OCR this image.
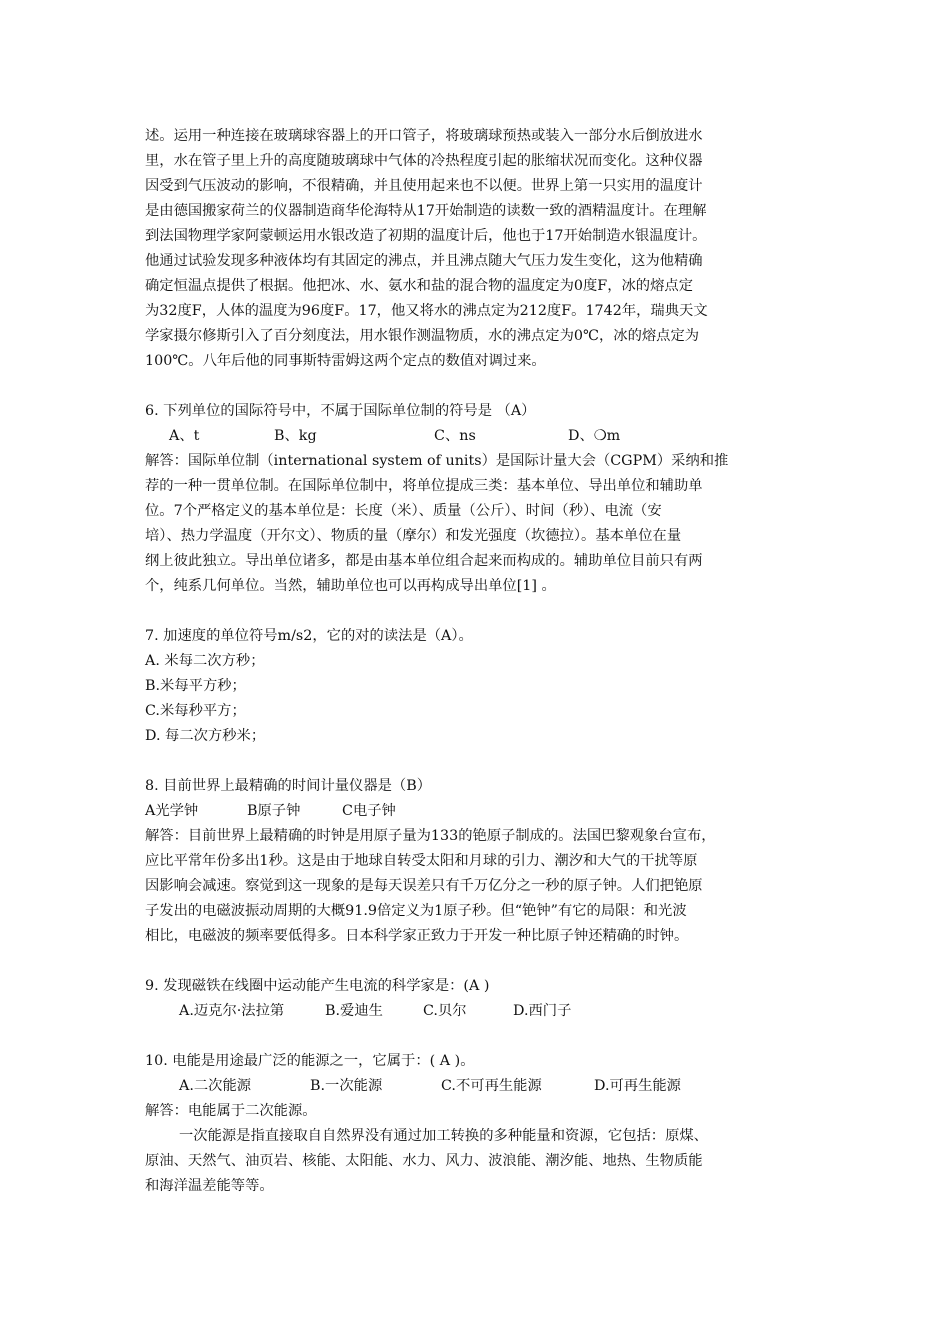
述。运用一种连接在玻璃球容器上的开口管子，将玻璃球预热或装入一部分水后倒放进水

里，水在管子里上升的高度随玻璃球中气体的冷热程度引起的胀缩状况而变化。这种仪器

因受到气压波动的影响，不很精确，并且使用起来也不以便。世界上第一只实用的温度计

是由德国搬家荷兰的仪器制造商华伦海特从17开始制造的读数一致的酒精温度计。在理解

到法国物理学家阿蒙顿运用水银改造了初期的温度计后，他也于17开始制造水银温度计。

他通过试验发现多种液体均有其固定的沸点，并且沸点随大气压力发生变化，这为他精确

确定恒温点提供了根据。他把冰、水、氨水和盐的混合物的温度定为0度F，冰的熔点定

为32度F，人体的温度为96度F。17，他又将水的沸点定为212度F。1742年，瑞典天文

学家摄尔修斯引入了百分刻度法，用水银作测温物质，水的沸点定为0℃，冰的熔点定为

100℃。八年后他的同事斯特雷姆这两个定点的数值对调过来。

6. 下列单位的国际符号中，不属于国际单位制的符号是 （A）

A、t	B、kg	C、ns	D、❍m

解答：国际单位制（international system of units）是国际计量大会（CGPM）采纳和推

荐的一种一贯单位制。在国际单位制中，将单位提成三类：基本单位、导出单位和辅助单

位。7个严格定义的基本单位是：长度（米）、质量（公斤）、时间（秒）、电流（安

培）、热力学温度（开尔文）、物质的量（摩尔）和发光强度（坎德拉）。基本单位在量

纲上彼此独立。导出单位诸多，都是由基本单位组合起来而构成的。辅助单位目前只有两

个，纯系几何单位。当然，辅助单位也可以再构成导出单位[1] 。

7. 加速度的单位符号m/s2，它的对的读法是（A）。

A. 米每二次方秒；

B.米每平方秒；

C.米每秒平方；

D. 每二次方秒米；

8. 目前世界上最精确的时间计量仪器是（B）

A光学钟	B原子钟	C电子钟

解答：目前世界上最精确的时钟是用原子量为133的铯原子制成的。法国巴黎观象台宣布，

应比平常年份多出1秒。这是由于地球自转受太阳和月球的引力、潮汐和大气的干扰等原

因影响会减速。察觉到这一现象的是每天误差只有千万亿分之一秒的原子钟。人们把铯原

子发出的电磁波振动周期的大概91.9倍定义为1原子秒。但“铯钟”有它的局限：和光波

相比，电磁波的频率要低得多。日本科学家正致力于开发一种比原子钟还精确的时钟。

9. 发现磁铁在线圈中运动能产生电流的科学家是：(A )

A.迈克尔·法拉第	B.爱迪生	C.贝尔	D.西门子

10. 电能是用途最广泛的能源之一，它属于：( A )。

A.二次能源	B.一次能源	C.不可再生能源	D.可再生能源

解答：电能属于二次能源。

一次能源是指直接取自自然界没有通过加工转换的多种能量和资源，它包括：原煤、

原油、天然气、油页岩、核能、太阳能、水力、风力、波浪能、潮汐能、地热、生物质能

和海洋温差能等等。
